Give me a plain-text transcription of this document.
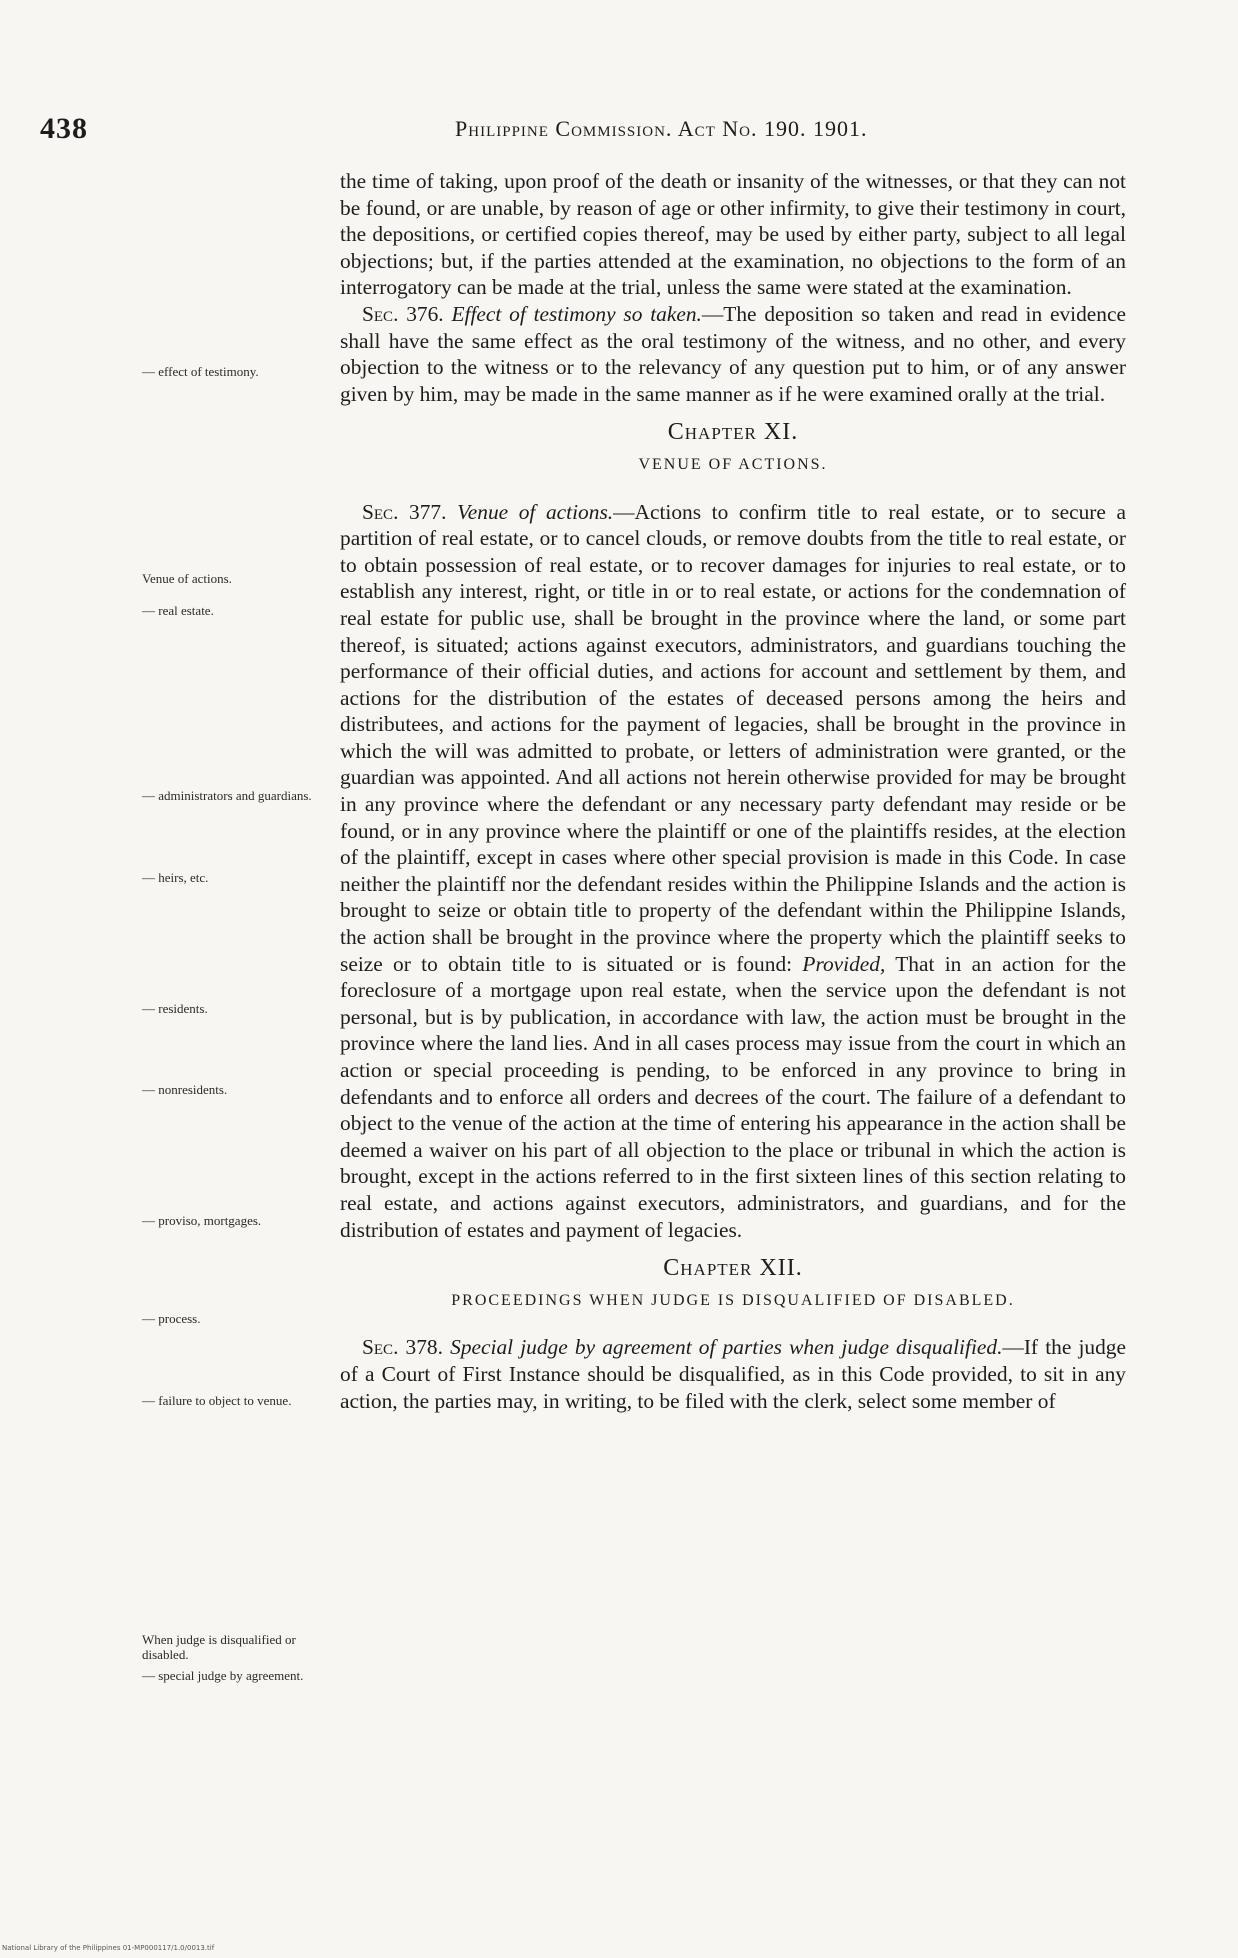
438	Philippine Commission. Act No. 190. 1901.
— effect of testimony.
Venue of actions.
— real estate.
— administrators and guardians.
— heirs, etc.
— residents.
— nonresidents.
— proviso, mortgages.
— process.
— failure to object to venue.
When judge is disqualified or disabled.
— special judge by agreement.

the time of taking, upon proof of the death or insanity of the witnesses, or that they can not be found, or are unable, by reason of age or other infirmity, to give their testimony in court, the depositions, or certified copies thereof, may be used by either party, subject to all legal objections; but, if the parties attended at the examination, no objections to the form of an interrogatory can be made at the trial, unless the same were stated at the examination.

Sec. 376. Effect of testimony so taken.—The deposition so taken and read in evidence shall have the same effect as the oral testimony of the witness, and no other, and every objection to the witness or to the relevancy of any question put to him, or of any answer given by him, may be made in the same manner as if he were examined orally at the trial.

Chapter XI.
VENUE OF ACTIONS.

Sec. 377. Venue of actions.—Actions to confirm title to real estate, or to secure a partition of real estate, or to cancel clouds, or remove doubts from the title to real estate, or to obtain possession of real estate, or to recover damages for injuries to real estate, or to establish any interest, right, or title in or to real estate, or actions for the condemnation of real estate for public use, shall be brought in the province where the land, or some part thereof, is situated; actions against executors, administrators, and guardians touching the performance of their official duties, and actions for account and settlement by them, and actions for the distribution of the estates of deceased persons among the heirs and distributees, and actions for the payment of legacies, shall be brought in the province in which the will was admitted to probate, or letters of administration were granted, or the guardian was appointed. And all actions not herein otherwise provided for may be brought in any province where the defendant or any necessary party defendant may reside or be found, or in any province where the plaintiff or one of the plaintiffs resides, at the election of the plaintiff, except in cases where other special provision is made in this Code. In case neither the plaintiff nor the defendant resides within the Philippine Islands and the action is brought to seize or obtain title to property of the defendant within the Philippine Islands, the action shall be brought in the province where the property which the plaintiff seeks to seize or to obtain title to is situated or is found: Provided, That in an action for the foreclosure of a mortgage upon real estate, when the service upon the defendant is not personal, but is by publication, in accordance with law, the action must be brought in the province where the land lies. And in all cases process may issue from the court in which an action or special proceeding is pending, to be enforced in any province to bring in defendants and to enforce all orders and decrees of the court. The failure of a defendant to object to the venue of the action at the time of entering his appearance in the action shall be deemed a waiver on his part of all objection to the place or tribunal in which the action is brought, except in the actions referred to in the first sixteen lines of this section relating to real estate, and actions against executors, administrators, and guardians, and for the distribution of estates and payment of legacies.

Chapter XII.
PROCEEDINGS WHEN JUDGE IS DISQUALIFIED OF DISABLED.

Sec. 378. Special judge by agreement of parties when judge disqualified.—If the judge of a Court of First Instance should be disqualified, as in this Code provided, to sit in any action, the parties may, in writing, to be filed with the clerk, select some member of

National Library of the Philippines 01-MP000117/1.0/0013.tif
